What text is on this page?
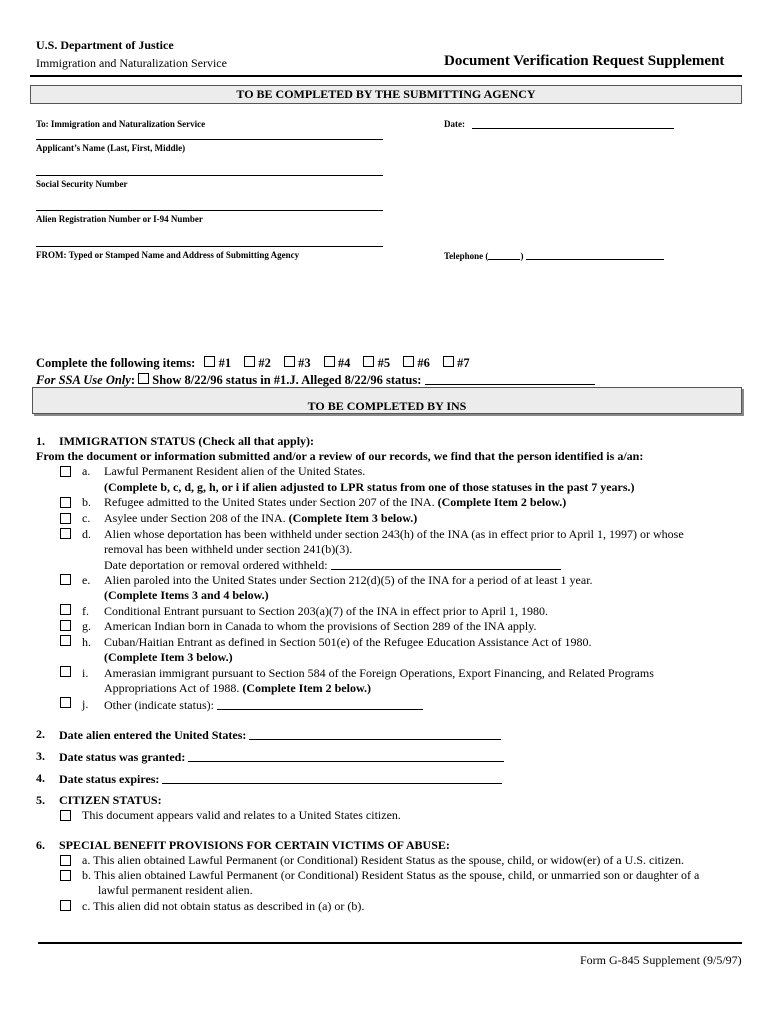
U.S. Department of Justice
Immigration and Naturalization Service	Document Verification Request Supplement
TO BE COMPLETED BY THE SUBMITTING AGENCY
To: Immigration and Naturalization Service	Date:
Applicant’s Name (Last, First, Middle)
Social Security Number
Alien Registration Number or I-94 Number
FROM: Typed or Stamped Name and Address of Submitting Agency	Telephone (	)
Complete the following items: #1 #2 #3 #4 #5 #6 #7
For SSA Use Only: Show 8/22/96 status in #1.J. Alleged 8/22/96 status:
TO BE COMPLETED BY INS
1. IMMIGRATION STATUS (Check all that apply):
From the document or information submitted and/or a review of our records, we find that the person identified is a/an:
a. Lawful Permanent Resident alien of the United States.
(Complete b, c, d, g, h, or i if alien adjusted to LPR status from one of those statuses in the past 7 years.)
b. Refugee admitted to the United States under Section 207 of the INA. (Complete Item 2 below.)
c. Asylee under Section 208 of the INA. (Complete Item 3 below.)
d. Alien whose deportation has been withheld under section 243(h) of the INA (as in effect prior to April 1, 1997) or whose
removal has been withheld under section 241(b)(3).
Date deportation or removal ordered withheld:
e. Alien paroled into the United States under Section 212(d)(5) of the INA for a period of at least 1 year.
(Complete Items 3 and 4 below.)
f. Conditional Entrant pursuant to Section 203(a)(7) of the INA in effect prior to April 1, 1980.
g. American Indian born in Canada to whom the provisions of Section 289 of the INA apply.
h. Cuban/Haitian Entrant as defined in Section 501(e) of the Refugee Education Assistance Act of 1980.
(Complete Item 3 below.)
i. Amerasian immigrant pursuant to Section 584 of the Foreign Operations, Export Financing, and Related Programs
Appropriations Act of 1988. (Complete Item 2 below.)
j. Other (indicate status):
2. Date alien entered the United States:
3. Date status was granted:
4. Date status expires:
5. CITIZEN STATUS:
This document appears valid and relates to a United States citizen.
6. SPECIAL BENEFIT PROVISIONS FOR CERTAIN VICTIMS OF ABUSE:
a. This alien obtained Lawful Permanent (or Conditional) Resident Status as the spouse, child, or widow(er) of a U.S. citizen.
b. This alien obtained Lawful Permanent (or Conditional) Resident Status as the spouse, child, or unmarried son or daughter of a
lawful permanent resident alien.
c. This alien did not obtain status as described in (a) or (b).
Form G-845 Supplement (9/5/97)
